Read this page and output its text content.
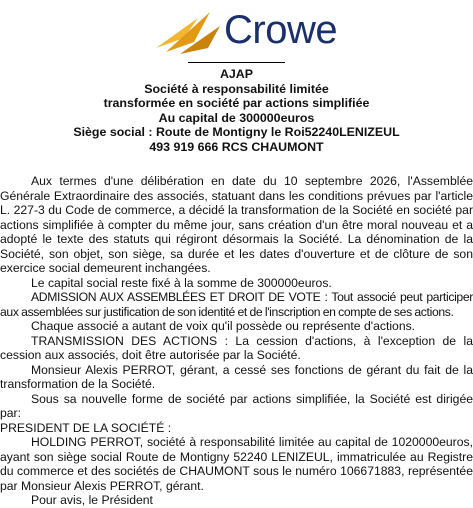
Crowe
AJAP
Société à responsabilité limitée
transformée en société par actions simplifiée
Au capital de 300000euros
Siège social : Route de Montigny le Roi52240LENIZEUL
493 919 666 RCS CHAUMONT

Aux termes d'une délibération en date du 10 septembre 2026, l'Assemblée Générale Extraordinaire des associés, statuant dans les conditions prévues par l'article L. 227-3 du Code de commerce, a décidé la transformation de la Société en société par actions simplifiée à compter du même jour, sans création d'un être moral nouveau et a adopté le texte des statuts qui régiront désormais la Société. La dénomination de la Société, son objet, son siège, sa durée et les dates d'ouverture et de clôture de son exercice social demeurent inchangées.

Le capital social reste fixé à la somme de 300000euros.

ADMISSION AUX ASSEMBLÉES ET DROIT DE VOTE : Tout associé peut participer aux assemblées sur justification de son identité et de l'inscription en compte de ses actions.

Chaque associé a autant de voix qu'il possède ou représente d'actions.

TRANSMISSION DES ACTIONS : La cession d'actions, à l'exception de la cession aux associés, doit être autorisée par la Société.

Monsieur Alexis PERROT, gérant, a cessé ses fonctions de gérant du fait de la transformation de la Société.

Sous sa nouvelle forme de société par actions simplifiée, la Société est dirigée par:

PRESIDENT DE LA SOCIÉTÉ :

HOLDING PERROT, société à responsabilité limitée au capital de 1020000euros, ayant son siège social Route de Montigny 52240 LENIZEUL, immatriculée au Registre du commerce et des sociétés de CHAUMONT sous le numéro 106671883, représentée par Monsieur Alexis PERROT, gérant.

Pour avis, le Président
